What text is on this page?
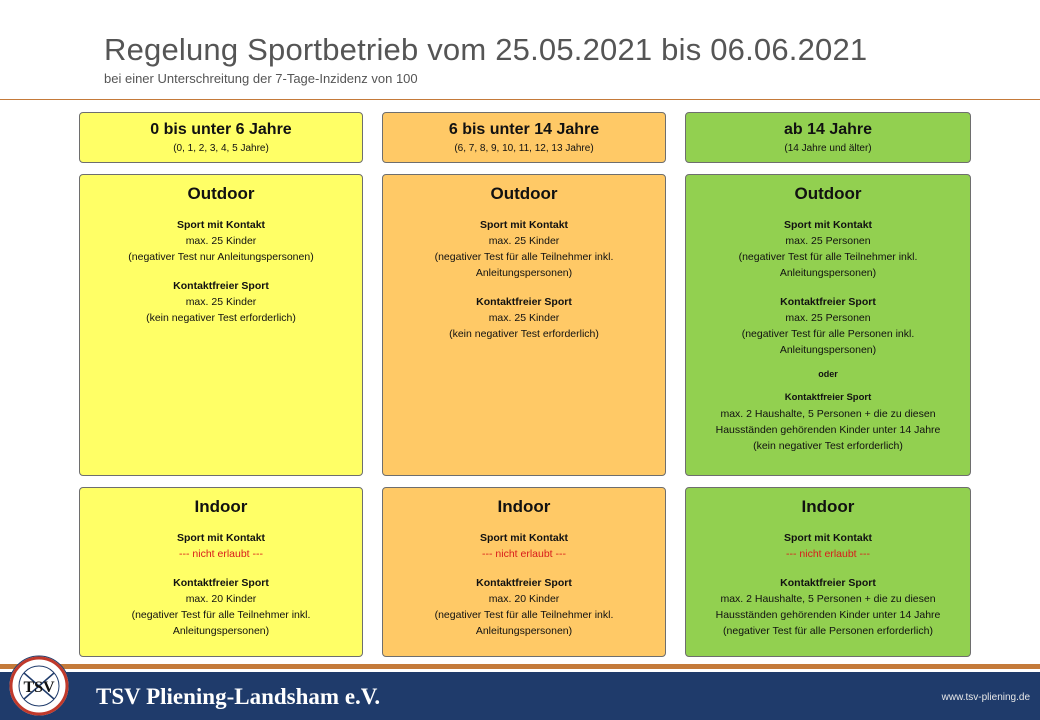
Regelung Sportbetrieb vom 25.05.2021 bis 06.06.2021
bei einer Unterschreitung der 7-Tage-Inzidenz von 100
0 bis unter 6 Jahre
(0, 1, 2, 3, 4, 5 Jahre)
Outdoor
Sport mit Kontakt
max. 25 Kinder
(negativer Test nur Anleitungspersonen)
Kontaktfreier Sport
max. 25 Kinder
(kein negativer Test erforderlich)
Indoor
Sport mit Kontakt
--- nicht erlaubt ---
Kontaktfreier Sport
max. 20 Kinder
(negativer Test für alle Teilnehmer inkl.
Anleitungspersonen)
6 bis unter 14 Jahre
(6, 7, 8, 9, 10, 11, 12, 13 Jahre)
Outdoor
Sport mit Kontakt
max. 25 Kinder
(negativer Test für alle Teilnehmer inkl.
Anleitungspersonen)
Kontaktfreier Sport
max. 25 Kinder
(kein negativer Test erforderlich)
Indoor
Sport mit Kontakt
--- nicht erlaubt ---
Kontaktfreier Sport
max. 20 Kinder
(negativer Test für alle Teilnehmer inkl.
Anleitungspersonen)
ab 14 Jahre
(14 Jahre und älter)
Outdoor
Sport mit Kontakt
max. 25 Personen
(negativer Test für alle Teilnehmer inkl.
Anleitungspersonen)
Kontaktfreier Sport
max. 25 Personen
(negativer Test für alle Personen inkl.
Anleitungspersonen)
oder
Kontaktfreier Sport
max. 2 Haushalte, 5 Personen + die zu diesen
Hausständen gehörenden Kinder unter 14 Jahre
(kein negativer Test erforderlich)
Indoor
Sport mit Kontakt
--- nicht erlaubt ---
Kontaktfreier Sport
max. 2 Haushalte, 5 Personen + die zu diesen
Hausständen gehörenden Kinder unter 14 Jahre
(negativer Test für alle Personen erforderlich)
TSV Pliening-Landsham e.V.	www.tsv-pliening.de
TSV
